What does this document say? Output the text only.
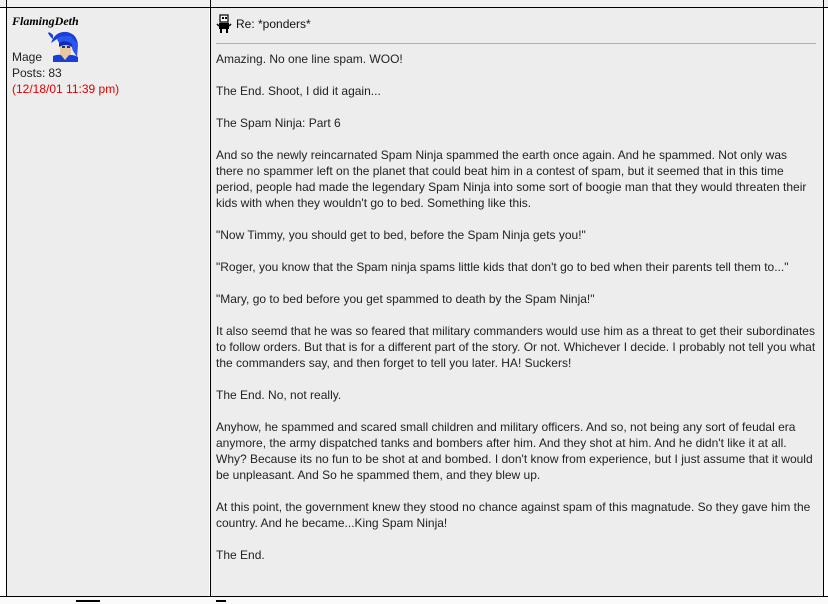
FlamingDeth
Mage
Posts: 83
(12/18/01 11:39 pm)
Re: *ponders*

Amazing. No one line spam. WOO!

The End. Shoot, I did it again...

The Spam Ninja: Part 6

And so the newly reincarnated Spam Ninja spammed the earth once again. And he spammed. Not only was there no spammer left on the planet that could beat him in a contest of spam, but it seemed that in this time period, people had made the legendary Spam Ninja into some sort of boogie man that they would threaten their kids with when they wouldn't go to bed. Something like this.

"Now Timmy, you should get to bed, before the Spam Ninja gets you!"

"Roger, you know that the Spam ninja spams little kids that don't go to bed when their parents tell them to..."

"Mary, go to bed before you get spammed to death by the Spam Ninja!"

It also seemd that he was so feared that military commanders would use him as a threat to get their subordinates to follow orders. But that is for a different part of the story. Or not. Whichever I decide. I probably not tell you what the commanders say, and then forget to tell you later. HA! Suckers!

The End. No, not really.

Anyhow, he spammed and scared small children and military officers. And so, not being any sort of feudal era anymore, the army dispatched tanks and bombers after him. And they shot at him. And he didn't like it at all. Why? Because its no fun to be shot at and bombed. I don't know from experience, but I just assume that it would be unpleasant. And So he spammed them, and they blew up.

At this point, the government knew they stood no chance against spam of this magnatude. So they gave him the country. And he became...King Spam Ninja!

The End.
